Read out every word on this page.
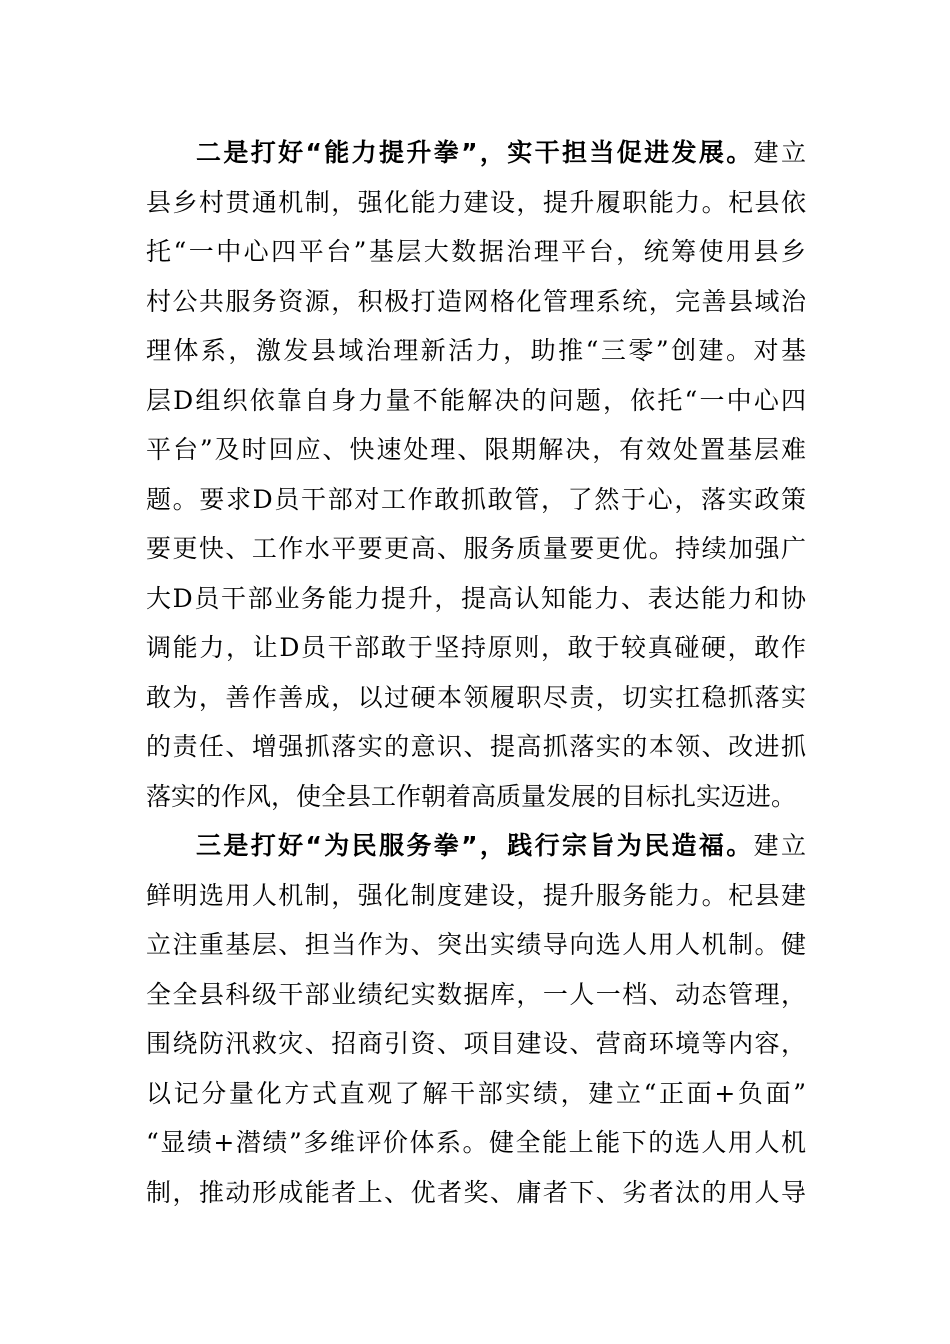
二是打好“能力提升拳”，实干担当促进发展。建立
县乡村贯通机制，强化能力建设，提升履职能力。杞县依
托“一中心四平台”基层大数据治理平台，统筹使用县乡
村公共服务资源，积极打造网格化管理系统，完善县域治
理体系，激发县域治理新活力，助推“三零”创建。对基
层D组织依靠自身力量不能解决的问题，依托“一中心四
平台”及时回应、快速处理、限期解决，有效处置基层难
题。要求D员干部对工作敢抓敢管，了然于心，落实政策
要更快、工作水平要更高、服务质量要更优。持续加强广
大D员干部业务能力提升，提高认知能力、表达能力和协
调能力，让D员干部敢于坚持原则，敢于较真碰硬，敢作
敢为，善作善成，以过硬本领履职尽责，切实扛稳抓落实
的责任、增强抓落实的意识、提高抓落实的本领、改进抓
落实的作风，使全县工作朝着高质量发展的目标扎实迈进。
三是打好“为民服务拳”，践行宗旨为民造福。建立
鲜明选用人机制，强化制度建设，提升服务能力。杞县建
立注重基层、担当作为、突出实绩导向选人用人机制。健
全全县科级干部业绩纪实数据库，一人一档、动态管理，
围绕防汛救灾、招商引资、项目建设、营商环境等内容，
以记分量化方式直观了解干部实绩，建立“正面+负面”
“显绩+潜绩”多维评价体系。健全能上能下的选人用人机
制，推动形成能者上、优者奖、庸者下、劣者汰的用人导
